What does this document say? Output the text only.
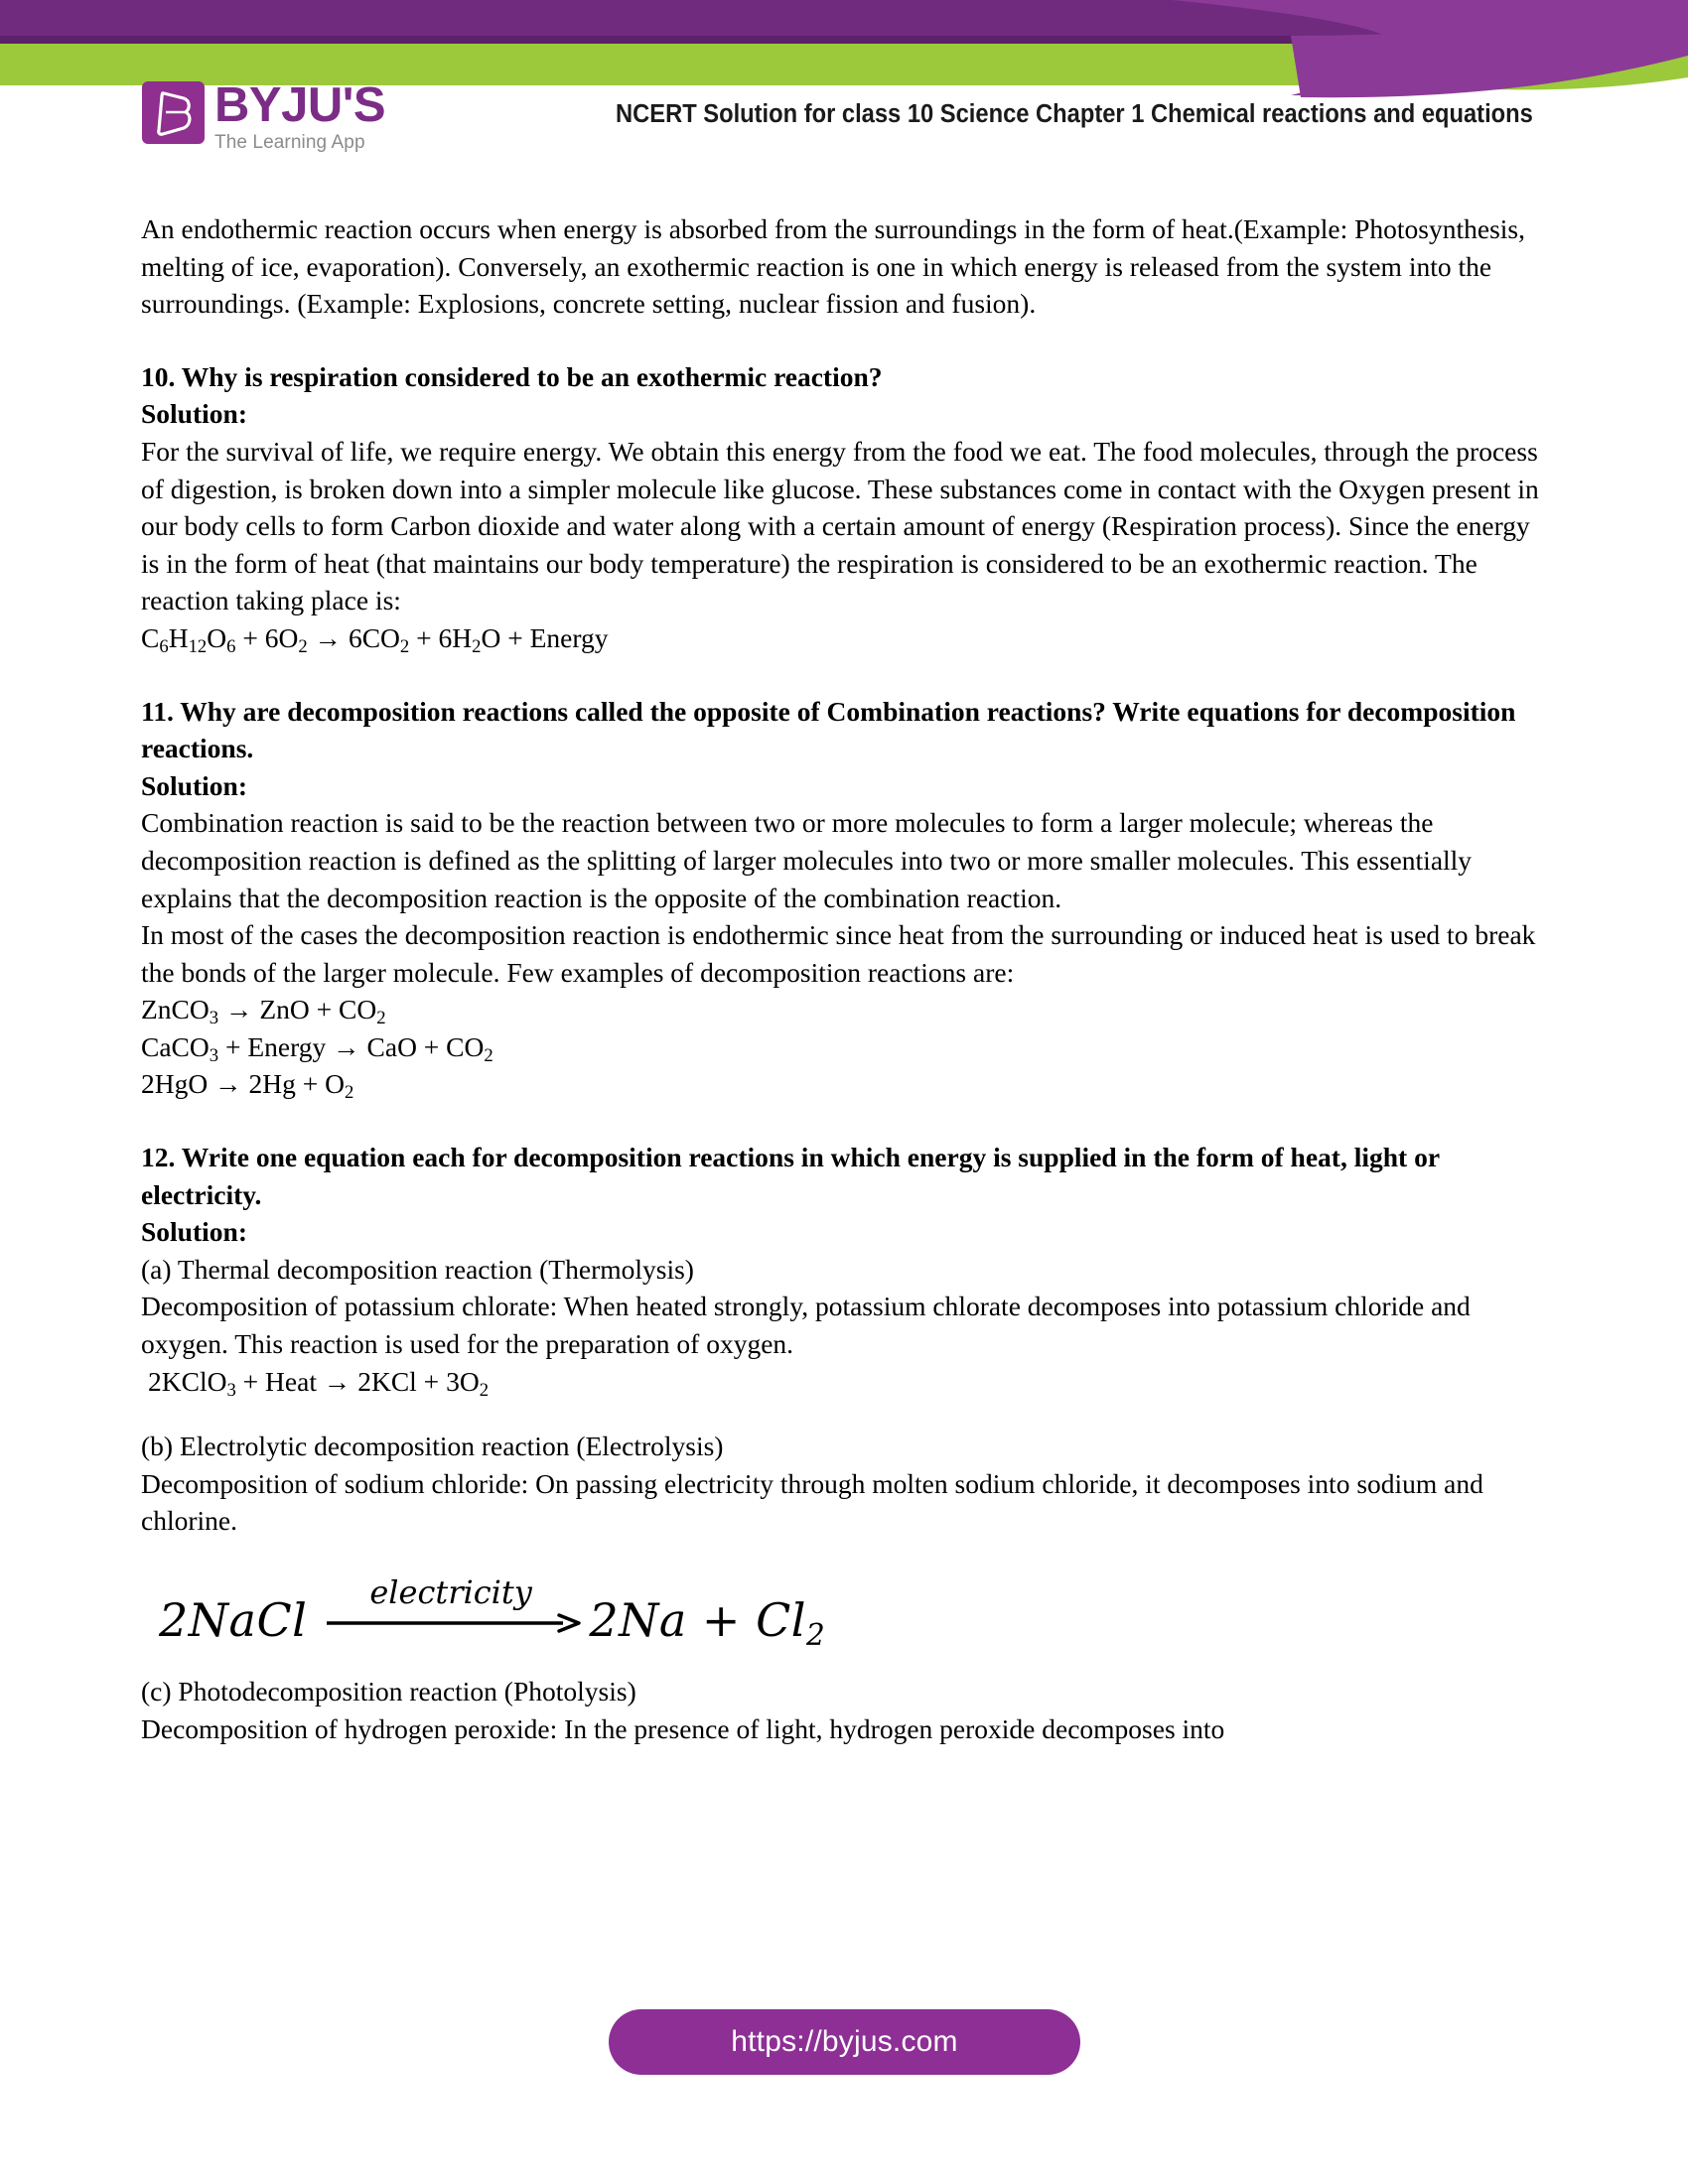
BYJU'S
The Learning App
NCERT Solution for class 10 Science Chapter 1 Chemical reactions and equations

An endothermic reaction occurs when energy is absorbed from the surroundings in the form of heat.(Example: Photosynthesis, melting of ice, evaporation). Conversely, an exothermic reaction is one in which energy is released from the system into the surroundings. (Example: Explosions, concrete setting, nuclear fission and fusion).

10. Why is respiration considered to be an exothermic reaction?

Solution:

For the survival of life, we require energy. We obtain this energy from the food we eat. The food molecules, through the process of digestion, is broken down into a simpler molecule like glucose. These substances come in contact with the Oxygen present in our body cells to form Carbon dioxide and water along with a certain amount of energy (Respiration process). Since the energy is in the form of heat (that maintains our body temperature) the respiration is considered to be an exothermic reaction. The reaction taking place is:

$C_6H_{12}O_6 + 6O_2 \to 6CO_2 + 6H_2O$ + Energy

11. Why are decomposition reactions called the opposite of Combination reactions? Write equations for decomposition reactions.

Solution:

Combination reaction is said to be the reaction between two or more molecules to form a larger molecule; whereas the decomposition reaction is defined as the splitting of larger molecules into two or more smaller molecules. This essentially explains that the decomposition reaction is the opposite of the combination reaction.

In most of the cases the decomposition reaction is endothermic since heat from the surrounding or induced heat is used to break the bonds of the larger molecule. Few examples of decomposition reactions are:

ZnCO$_3$ → ZnO + $CO_2$

CaCO$_3$ + Energy → CaO + $CO_2$

$2HgO \to 2Hg + O_2$

12. Write one equation each for decomposition reactions in which energy is supplied in the form of heat, light or electricity.

Solution:

(a) Thermal decomposition reaction (Thermolysis)

Decomposition of potassium chlorate: When heated strongly, potassium chlorate decomposes into potassium chloride and oxygen. This reaction is used for the preparation of oxygen.

2KClO$_3$ + Heat → $2KCl + 3O_2$

(b) Electrolytic decomposition reaction (Electrolysis)

Decomposition of sodium chloride: On passing electricity through molten sodium chloride, it decomposes into sodium and chlorine.

2NaCl
electricity
$2Na + Cl_2$

(c) Photodecomposition reaction (Photolysis)

Decomposition of hydrogen peroxide: In the presence of light, hydrogen peroxide decomposes into

https://byjus.com
